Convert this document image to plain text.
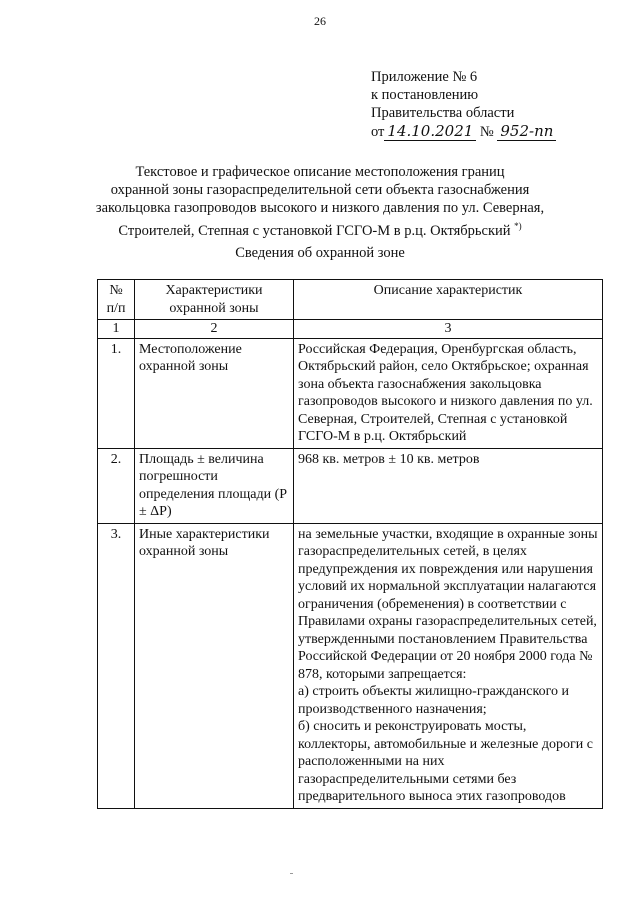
26
Приложение № 6
к постановлению
Правительства области
от 14.10.2021 № 952-пп
Текстовое и графическое описание местоположения границ
охранной зоны газораспределительной сети объекта газоснабжения
закольцовка газопроводов высокого и низкого давления по ул. Северная,
Строителей, Степная с установкой ГСГО-М в р.ц. Октябрьский *)
Сведения об охранной зоне
№ п/п	Характеристики охранной зоны	Описание характеристик
1	2	3
1.	Местоположение охранной зоны	Российская Федерация, Оренбургская область, Октябрьский район, село Октябрьское; охранная зона объекта газоснабжения закольцовка газопроводов высокого и низкого давления по ул. Северная, Строителей, Степная с установкой ГСГО-М в р.ц. Октябрьский
2.	Площадь ± величина погрешности определения площади (P ± ΔP)	968 кв. метров ± 10 кв. метров
3.	Иные характеристики охранной зоны	на земельные участки, входящие в охранные зоны газораспределительных сетей, в целях предупреждения их повреждения или нарушения условий их нормальной эксплуатации налагаются ограничения (обременения) в соответствии с Правилами охраны газораспределительных сетей, утвержденными постановлением Правительства Российской Федерации от 20 ноября 2000 года № 878, которыми запрещается:
а) строить объекты жилищно-гражданского и производственного назначения;
б) сносить и реконструировать мосты, коллекторы, автомобильные и железные дороги с расположенными на них газораспределительными сетями без предварительного выноса этих газопроводов
